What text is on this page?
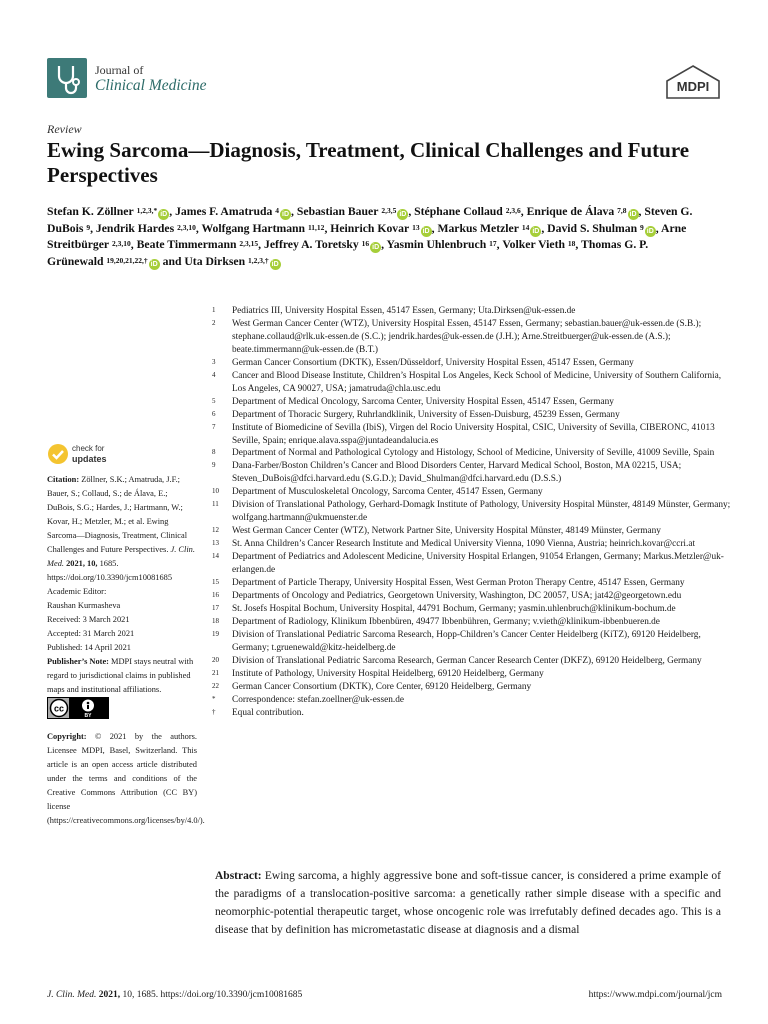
Journal of
Clinical Medicine	MDPI
Review
Ewing Sarcoma—Diagnosis, Treatment, Clinical Challenges and Future Perspectives
Stefan K. Zöllner $^{1,2,3,*}$ iD , James F. Amatruda $^4$ iD , Sebastian Bauer $^{2,3,5}$ iD , Stéphane Collaud $^{2,3,6}$, Enrique de Álava $^{7,8}$ iD , Steven G. DuBois $^9$, Jendrik Hardes $^{2,3,10}$, Wolfgang Hartmann $^{11,12}$, Heinrich Kovar $^{13}$ iD , Markus Metzler $^{14}$ iD , David S. Shulman $^9$ iD , Arne Streitbürger $^{2,3,10}$, Beate Timmermann $^{2,3,15}$, Jeffrey A. Toretsky $^{16}$ iD , Yasmin Uhlenbruch $^{17}$, Volker Vieth $^{18}$, Thomas G. P. Grünewald $^{19,20,21,22,\dagger}$ iD and Uta Dirksen $^{1,2,3,\dagger}$ iD
1	Pediatrics III, University Hospital Essen, 45147 Essen, Germany; Uta.Dirksen@uk-essen.de
2	West German Cancer Center (WTZ), University Hospital Essen, 45147 Essen, Germany; sebastian.bauer@uk-essen.de (S.B.); stephane.collaud@rlk.uk-essen.de (S.C.); jendrik.hardes@uk-essen.de (J.H.); Arne.Streitbuerger@uk-essen.de (A.S.); beate.timmermann@uk-essen.de (B.T.)
3	German Cancer Consortium (DKTK), Essen/Düsseldorf, University Hospital Essen, 45147 Essen, Germany
4	Cancer and Blood Disease Institute, Children’s Hospital Los Angeles, Keck School of Medicine, University of Southern California, Los Angeles, CA 90027, USA; jamatruda@chla.usc.edu
5	Department of Medical Oncology, Sarcoma Center, University Hospital Essen, 45147 Essen, Germany
6	Department of Thoracic Surgery, Ruhrlandklinik, University of Essen-Duisburg, 45239 Essen, Germany
7	Institute of Biomedicine of Sevilla (IbiS), Virgen del Rocio University Hospital, CSIC, University of Sevilla, CIBERONC, 41013 Seville, Spain; enrique.alava.sspa@juntadeandalucia.es
8	Department of Normal and Pathological Cytology and Histology, School of Medicine, University of Seville, 41009 Seville, Spain
9	Dana-Farber/Boston Children’s Cancer and Blood Disorders Center, Harvard Medical School, Boston, MA 02215, USA; Steven_DuBois@dfci.harvard.edu (S.G.D.); David_Shulman@dfci.harvard.edu (D.S.S.)
10	Department of Musculoskeletal Oncology, Sarcoma Center, 45147 Essen, Germany
11	Division of Translational Pathology, Gerhard-Domagk Institute of Pathology, University Hospital Münster, 48149 Münster, Germany; wolfgang.hartmann@ukmuenster.de
12	West German Cancer Center (WTZ), Network Partner Site, University Hospital Münster, 48149 Münster, Germany
13	St. Anna Children’s Cancer Research Institute and Medical University Vienna, 1090 Vienna, Austria; heinrich.kovar@ccri.at
14	Department of Pediatrics and Adolescent Medicine, University Hospital Erlangen, 91054 Erlangen, Germany; Markus.Metzler@uk-erlangen.de
15	Department of Particle Therapy, University Hospital Essen, West German Proton Therapy Centre, 45147 Essen, Germany
16	Departments of Oncology and Pediatrics, Georgetown University, Washington, DC 20057, USA; jat42@georgetown.edu
17	St. Josefs Hospital Bochum, University Hospital, 44791 Bochum, Germany; yasmin.uhlenbruch@klinikum-bochum.de
18	Department of Radiology, Klinikum Ibbenbüren, 49477 Ibbenbühren, Germany; v.vieth@klinikum-ibbenbueren.de
19	Division of Translational Pediatric Sarcoma Research, Hopp-Children’s Cancer Center Heidelberg (KiTZ), 69120 Heidelberg, Germany; t.gruenewald@kitz-heidelberg.de
20	Division of Translational Pediatric Sarcoma Research, German Cancer Research Center (DKFZ), 69120 Heidelberg, Germany
21	Institute of Pathology, University Hospital Heidelberg, 69120 Heidelberg, Germany
22	German Cancer Consortium (DKTK), Core Center, 69120 Heidelberg, Germany
*	Correspondence: stefan.zoellner@uk-essen.de
†	Equal contribution.
check for
updates

Citation: Zöllner, S.K.; Amatruda, J.F.; Bauer, S.; Collaud, S.; de Álava, E.; DuBois, S.G.; Hardes, J.; Hartmann, W.; Kovar, H.; Metzler, M.; et al. Ewing Sarcoma—Diagnosis, Treatment, Clinical Challenges and Future Perspectives. J. Clin. Med. 2021, 10, 1685. https://doi.org/10.3390/jcm10081685

Academic Editor:
Raushan Kurmasheva

Received: 3 March 2021
Accepted: 31 March 2021
Published: 14 April 2021

Publisher’s Note: MDPI stays neutral with regard to jurisdictional claims in published maps and institutional affiliations.

cc
BY

Copyright: © 2021 by the authors. Licensee MDPI, Basel, Switzerland. This article is an open access article distributed under the terms and conditions of the Creative Commons Attribution (CC BY) license (https://creativecommons.org/licenses/by/4.0/).

Abstract: Ewing sarcoma, a highly aggressive bone and soft-tissue cancer, is considered a prime example of the paradigms of a translocation-positive sarcoma: a genetically rather simple disease with a specific and neomorphic-potential therapeutic target, whose oncogenic role was irrefutably defined decades ago. This is a disease that by definition has micrometastatic disease at diagnosis and a dismal
J. Clin. Med. 2021, 10, 1685. https://doi.org/10.3390/jcm10081685	https://www.mdpi.com/journal/jcm
